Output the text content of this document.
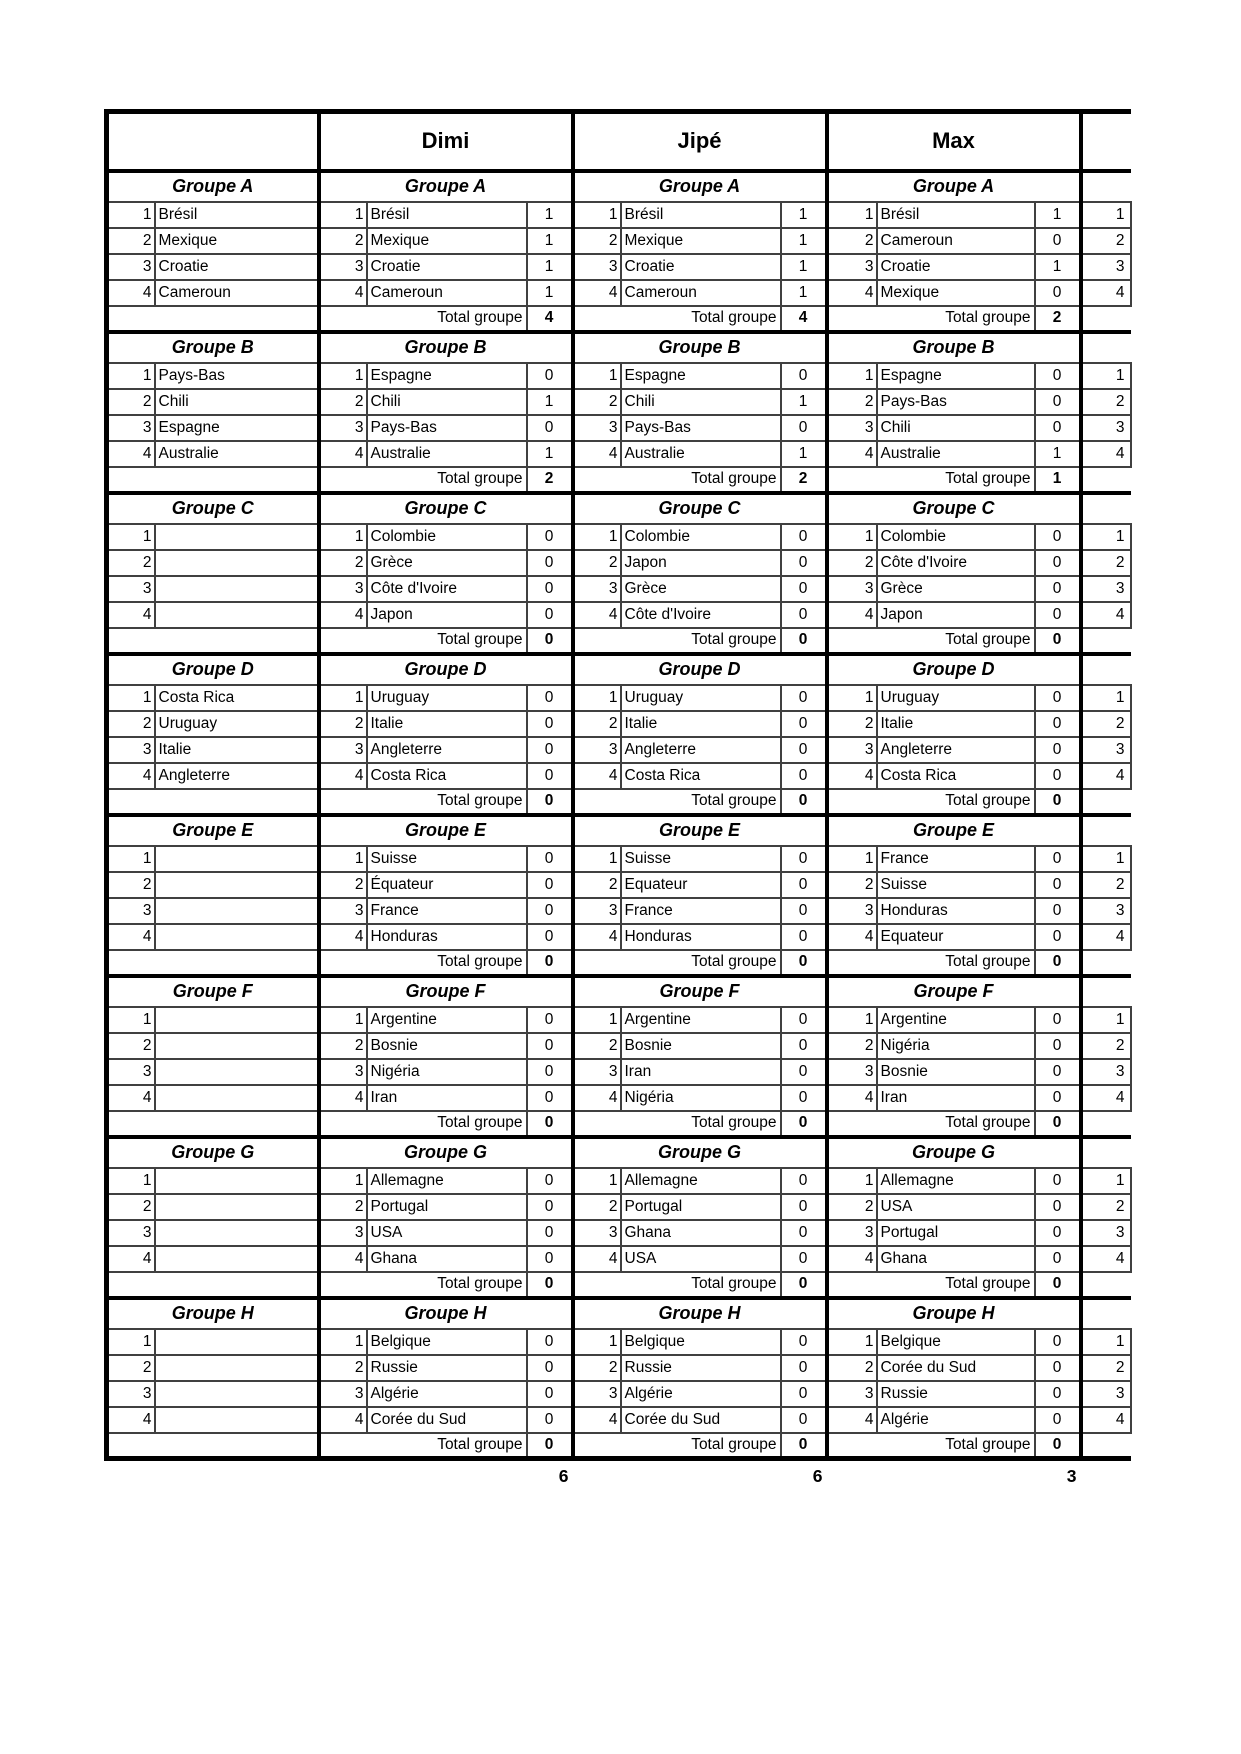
		Dimi			Jipé			Max			
Groupe A		Groupe A			Groupe A			Groupe A			
1	Brésil	1	Brésil	1	1	Brésil	1	1	Brésil	1	1
2	Mexique	2	Mexique	1	2	Mexique	1	2	Cameroun	0	2
3	Croatie	3	Croatie	1	3	Croatie	1	3	Croatie	1	3
4	Cameroun	4	Cameroun	1	4	Cameroun	1	4	Mexique	0	4
		Total groupe		4	Total groupe		4	Total groupe		2	
Groupe B		Groupe B			Groupe B			Groupe B			
1	Pays-Bas	1	Espagne	0	1	Espagne	0	1	Espagne	0	1
2	Chili	2	Chili	1	2	Chili	1	2	Pays-Bas	0	2
3	Espagne	3	Pays-Bas	0	3	Pays-Bas	0	3	Chili	0	3
4	Australie	4	Australie	1	4	Australie	1	4	Australie	1	4
		Total groupe		2	Total groupe		2	Total groupe		1	
Groupe C		Groupe C			Groupe C			Groupe C			
1		1	Colombie	0	1	Colombie	0	1	Colombie	0	1
2		2	Grèce	0	2	Japon	0	2	Côte d'Ivoire	0	2
3		3	Côte d'Ivoire	0	3	Grèce	0	3	Grèce	0	3
4		4	Japon	0	4	Côte d'Ivoire	0	4	Japon	0	4
		Total groupe		0	Total groupe		0	Total groupe		0	
Groupe D		Groupe D			Groupe D			Groupe D			
1	Costa Rica	1	Uruguay	0	1	Uruguay	0	1	Uruguay	0	1
2	Uruguay	2	Italie	0	2	Italie	0	2	Italie	0	2
3	Italie	3	Angleterre	0	3	Angleterre	0	3	Angleterre	0	3
4	Angleterre	4	Costa Rica	0	4	Costa Rica	0	4	Costa Rica	0	4
		Total groupe		0	Total groupe		0	Total groupe		0	
Groupe E		Groupe E			Groupe E			Groupe E			
1		1	Suisse	0	1	Suisse	0	1	France	0	1
2		2	Équateur	0	2	Equateur	0	2	Suisse	0	2
3		3	France	0	3	France	0	3	Honduras	0	3
4		4	Honduras	0	4	Honduras	0	4	Equateur	0	4
		Total groupe		0	Total groupe		0	Total groupe		0	
Groupe F		Groupe F			Groupe F			Groupe F			
1		1	Argentine	0	1	Argentine	0	1	Argentine	0	1
2		2	Bosnie	0	2	Bosnie	0	2	Nigéria	0	2
3		3	Nigéria	0	3	Iran	0	3	Bosnie	0	3
4		4	Iran	0	4	Nigéria	0	4	Iran	0	4
		Total groupe		0	Total groupe		0	Total groupe		0	
Groupe G		Groupe G			Groupe G			Groupe G			
1		1	Allemagne	0	1	Allemagne	0	1	Allemagne	0	1
2		2	Portugal	0	2	Portugal	0	2	USA	0	2
3		3	USA	0	3	Ghana	0	3	Portugal	0	3
4		4	Ghana	0	4	USA	0	4	Ghana	0	4
		Total groupe		0	Total groupe		0	Total groupe		0	
Groupe H		Groupe H			Groupe H			Groupe H			
1		1	Belgique	0	1	Belgique	0	1	Belgique	0	1
2		2	Russie	0	2	Russie	0	2	Corée du Sud	0	2
3		3	Algérie	0	3	Algérie	0	3	Russie	0	3
4		4	Corée du Sud	0	4	Corée du Sud	0	4	Algérie	0	4
		Total groupe		0	Total groupe		0	Total groupe		0	
				6			6			3	
